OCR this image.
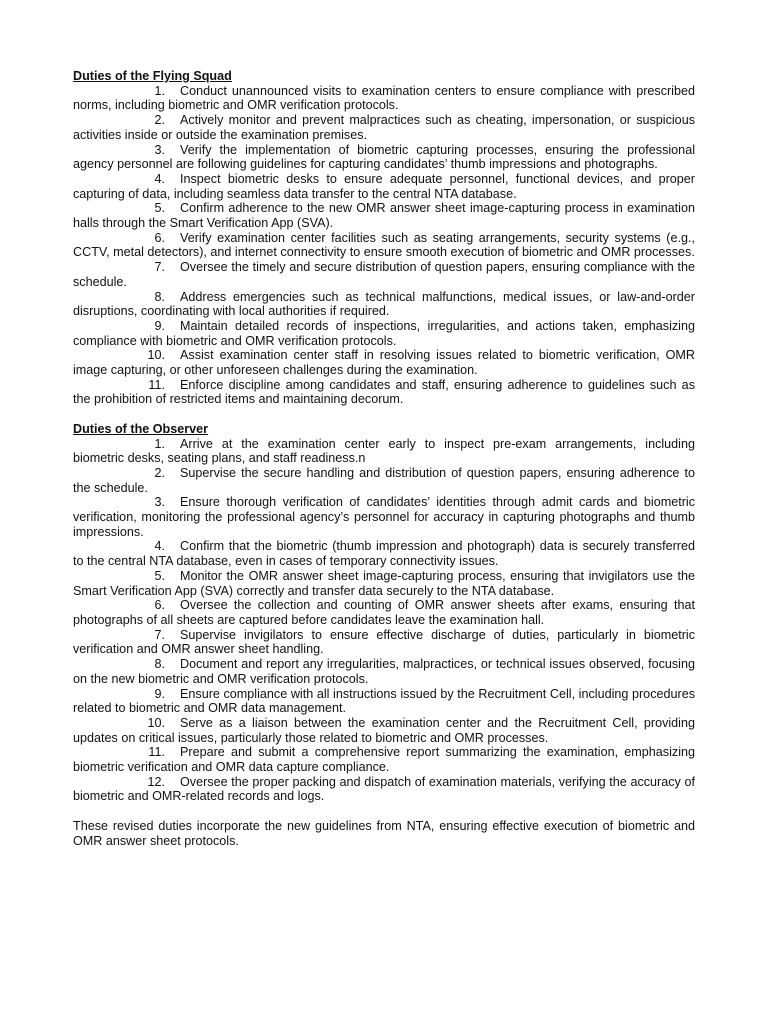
Duties of the Flying Squad

1. Conduct unannounced visits to examination centers to ensure compliance with prescribed norms, including biometric and OMR verification protocols.

2. Actively monitor and prevent malpractices such as cheating, impersonation, or suspicious activities inside or outside the examination premises.

3. Verify the implementation of biometric capturing processes, ensuring the professional agency personnel are following guidelines for capturing candidates’ thumb impressions and photographs.

4. Inspect biometric desks to ensure adequate personnel, functional devices, and proper capturing of data, including seamless data transfer to the central NTA database.

5. Confirm adherence to the new OMR answer sheet image-capturing process in examination halls through the Smart Verification App (SVA).

6. Verify examination center facilities such as seating arrangements, security systems (e.g., CCTV, metal detectors), and internet connectivity to ensure smooth execution of biometric and OMR processes.

7. Oversee the timely and secure distribution of question papers, ensuring compliance with the schedule.

8. Address emergencies such as technical malfunctions, medical issues, or law-and-order disruptions, coordinating with local authorities if required.

9. Maintain detailed records of inspections, irregularities, and actions taken, emphasizing compliance with biometric and OMR verification protocols.

10. Assist examination center staff in resolving issues related to biometric verification, OMR image capturing, or other unforeseen challenges during the examination.

11. Enforce discipline among candidates and staff, ensuring adherence to guidelines such as the prohibition of restricted items and maintaining decorum.

Duties of the Observer

1. Arrive at the examination center early to inspect pre-exam arrangements, including biometric desks, seating plans, and staff readiness.n

2. Supervise the secure handling and distribution of question papers, ensuring adherence to the schedule.

3. Ensure thorough verification of candidates’ identities through admit cards and biometric verification, monitoring the professional agency’s personnel for accuracy in capturing photographs and thumb impressions.

4. Confirm that the biometric (thumb impression and photograph) data is securely transferred to the central NTA database, even in cases of temporary connectivity issues.

5. Monitor the OMR answer sheet image-capturing process, ensuring that invigilators use the Smart Verification App (SVA) correctly and transfer data securely to the NTA database.

6. Oversee the collection and counting of OMR answer sheets after exams, ensuring that photographs of all sheets are captured before candidates leave the examination hall.

7. Supervise invigilators to ensure effective discharge of duties, particularly in biometric verification and OMR answer sheet handling.

8. Document and report any irregularities, malpractices, or technical issues observed, focusing on the new biometric and OMR verification protocols.

9. Ensure compliance with all instructions issued by the Recruitment Cell, including procedures related to biometric and OMR data management.

10. Serve as a liaison between the examination center and the Recruitment Cell, providing updates on critical issues, particularly those related to biometric and OMR processes.

11. Prepare and submit a comprehensive report summarizing the examination, emphasizing biometric verification and OMR data capture compliance.

12. Oversee the proper packing and dispatch of examination materials, verifying the accuracy of biometric and OMR-related records and logs.

These revised duties incorporate the new guidelines from NTA, ensuring effective execution of biometric and OMR answer sheet protocols.
